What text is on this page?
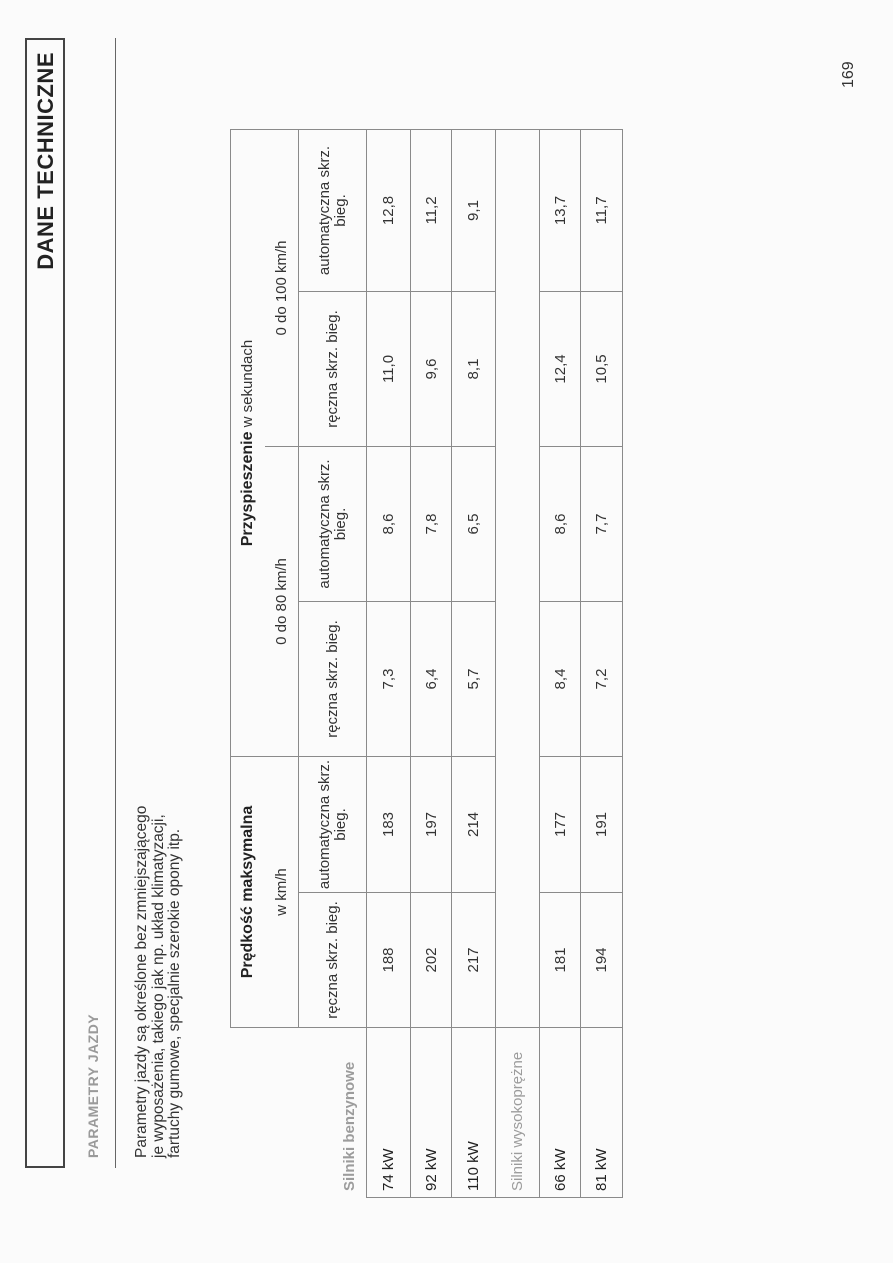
169
DANE TECHNICZNE
PARAMETRY JAZDY Parametry jazdy są określone bez zmniejszającego je wyposażenia, takiego jak np. układ klimatyzacji, fartuchy gumowe, specjalnie szerokie opony itp.	Silniki benzynowe	Prędkość maksymalna		Przyspieszenie w sekundach			
	w km/h		0 do 80 km/h		0 do 100 km/h	
	ręczna skrz. bieg.	automatyczna skrz. bieg.	ręczna skrz. bieg.	automatyczna skrz. bieg.	ręczna skrz. bieg.	automatyczna skrz. bieg.

74 kW	188	183	7,3	8,6	11,0	12,8
92 kW	202	197	6,4	7,8	9,6	11,2
110 kW	217	214	5,7	6,5	8,1	9,1
Silniki wysokoprężne						
66 kW	181	177	8,4	8,6	12,4	13,7
81 kW	194	191	7,2	7,7	10,5	11,7
